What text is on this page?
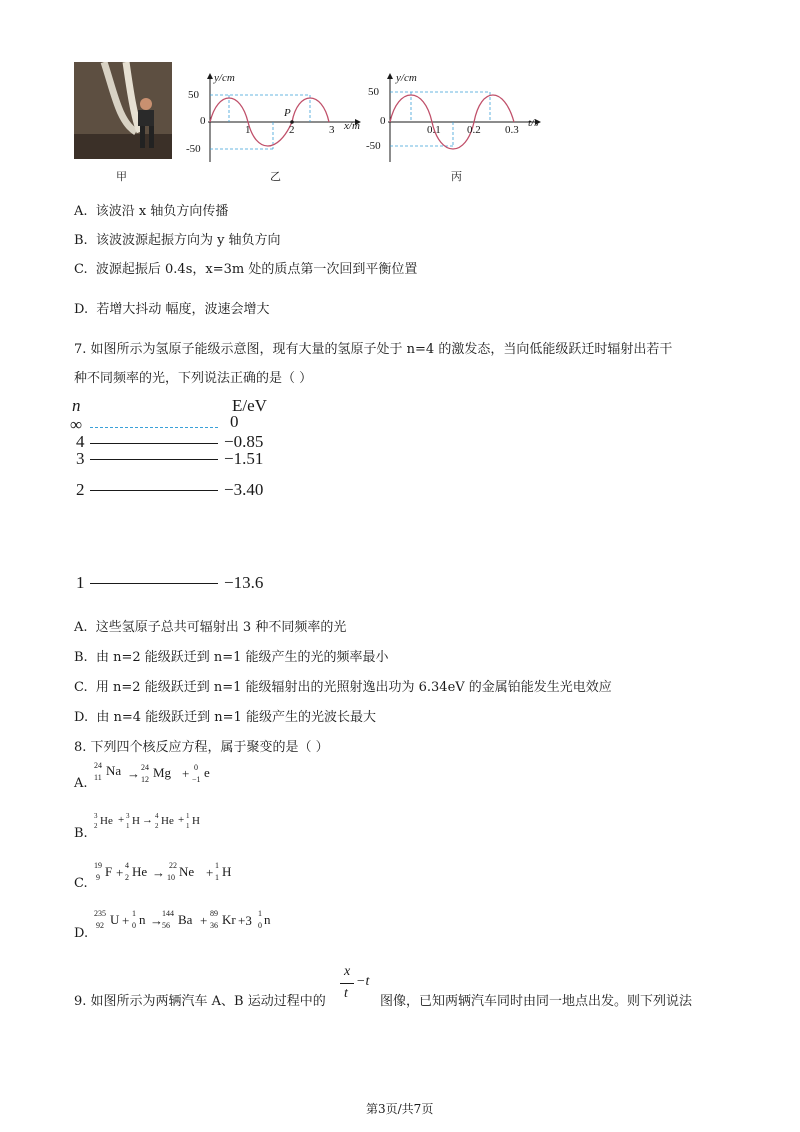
甲
y/cm
x/m
50
0
-50
1	2	3
P
乙
y/cm
t/s
50
0
-50
0.1 0.2 0.3
丙
A. 该波沿 x 轴负方向传播
B. 该波波源起振方向为 y 轴负方向
C. 波源起振后 0.4s，x=3m 处的质点第一次回到平衡位置
D. 若增大抖动 幅度，波速会增大
7. 如图所示为氢原子能级示意图，现有大量的氢原子处于 n=4 的激发态，当向低能级跃迁时辐射出若干
种不同频率的光，下列说法正确的是（ ）
n	E/eV
∞	0
4	−0.85
3	−1.51
2	−3.40
1	−13.6
A. 这些氢原子总共可辐射出 3 种不同频率的光
B. 由 n=2 能级跃迁到 n=1 能级产生的光的频率最小
C. 用 n=2 能级跃迁到 n=1 能级辐射出的光照射逸出功为 6.34eV 的金属铂能发生光电效应
D. 由 n=4 能级跃迁到 n=1 能级产生的光波长最大
8. 下列四个核反应方程，属于聚变的是（ ）
A.
24
11 Na → 24
12 Mg + 0
−1 e
B.
3
2 He + 3
1 H → 4
2 He + 1
1 H
C.
19
9 F + 4
2 He → 22
10 Ne + 1
1 H
D.
235
92 U + 1
0 n → 144
56 Ba + 89
36 Kr +3 1
0 n
9. 如图所示为两辆汽车 A、B 运动过程中的
x
t
−t
图像，已知两辆汽车同时由同一地点出发。则下列说法
第3页/共7页
